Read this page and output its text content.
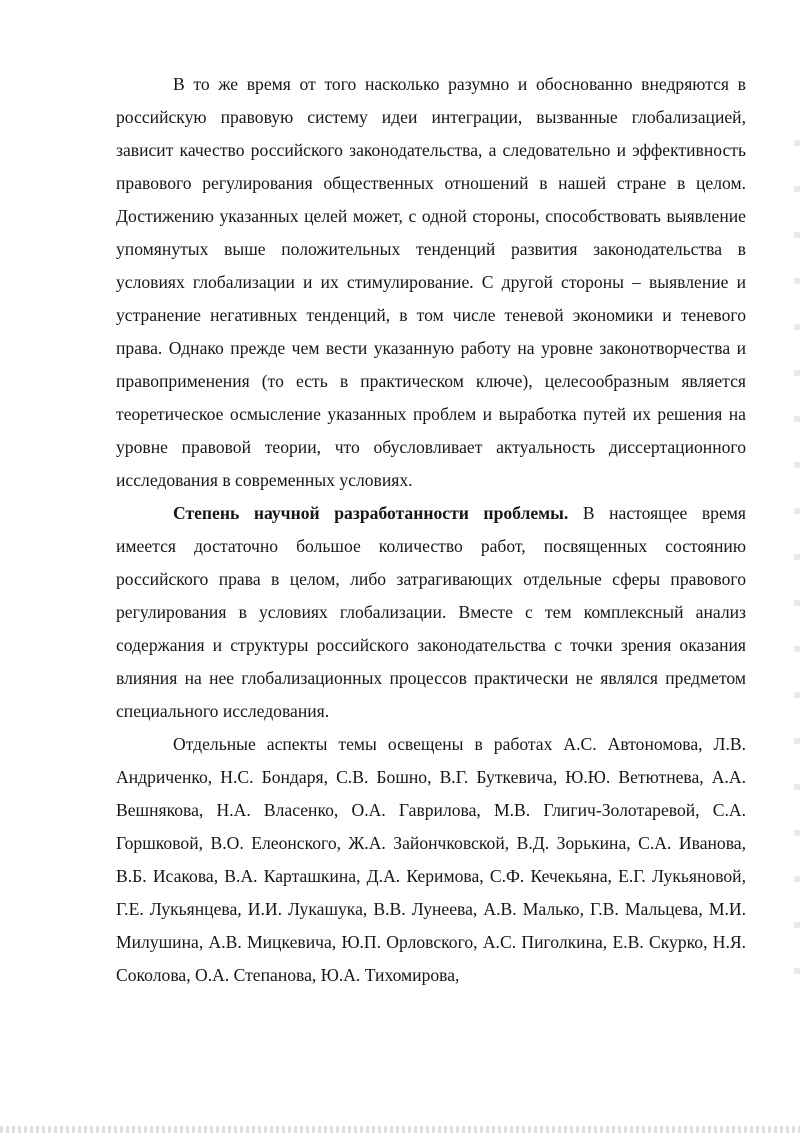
В то же время от того насколько разумно и обоснованно внедряются в российскую правовую систему идеи интеграции, вызванные глобализацией, зависит качество российского законодательства, а следовательно и эффективность правового регулирования общественных отношений в нашей стране в целом. Достижению указанных целей может, с одной стороны, способствовать выявление упомянутых выше положительных тенденций развития законодательства в условиях глобализации и их стимулирование. С другой стороны – выявление и устранение негативных тенденций, в том числе теневой экономики и теневого права. Однако прежде чем вести указанную работу на уровне законотворчества и правоприменения (то есть в практическом ключе), целесообразным является теоретическое осмысление указанных проблем и выработка путей их решения на уровне правовой теории, что обусловливает актуальность диссертационного исследования в современных условиях.

Степень научной разработанности проблемы. В настоящее время имеется достаточно большое количество работ, посвященных состоянию российского права в целом, либо затрагивающих отдельные сферы правового регулирования в условиях глобализации. Вместе с тем комплексный анализ содержания и структуры российского законодательства с точки зрения оказания влияния на нее глобализационных процессов практически не являлся предметом специального исследования.

Отдельные аспекты темы освещены в работах А.С. Автономова, Л.В. Андриченко, Н.С. Бондаря, С.В. Бошно, В.Г. Буткевича, Ю.Ю. Ветютнева, А.А. Вешнякова, Н.А. Власенко, О.А. Гаврилова, М.В. Глигич-Золотаревой, С.А. Горшковой, В.О. Елеонского, Ж.А. Зайончковской, В.Д. Зорькина, С.А. Иванова, В.Б. Исакова, В.А. Карташкина, Д.А. Керимова, С.Ф. Кечекьяна, Е.Г. Лукьяновой, Г.Е. Лукьянцева, И.И. Лукашука, В.В. Лунеева, А.В. Малько, Г.В. Мальцева, М.И. Милушина, А.В. Мицкевича, Ю.П. Орловского, А.С. Пиголкина, Е.В. Скурко, Н.Я. Соколова, О.А. Степанова, Ю.А. Тихомирова,
